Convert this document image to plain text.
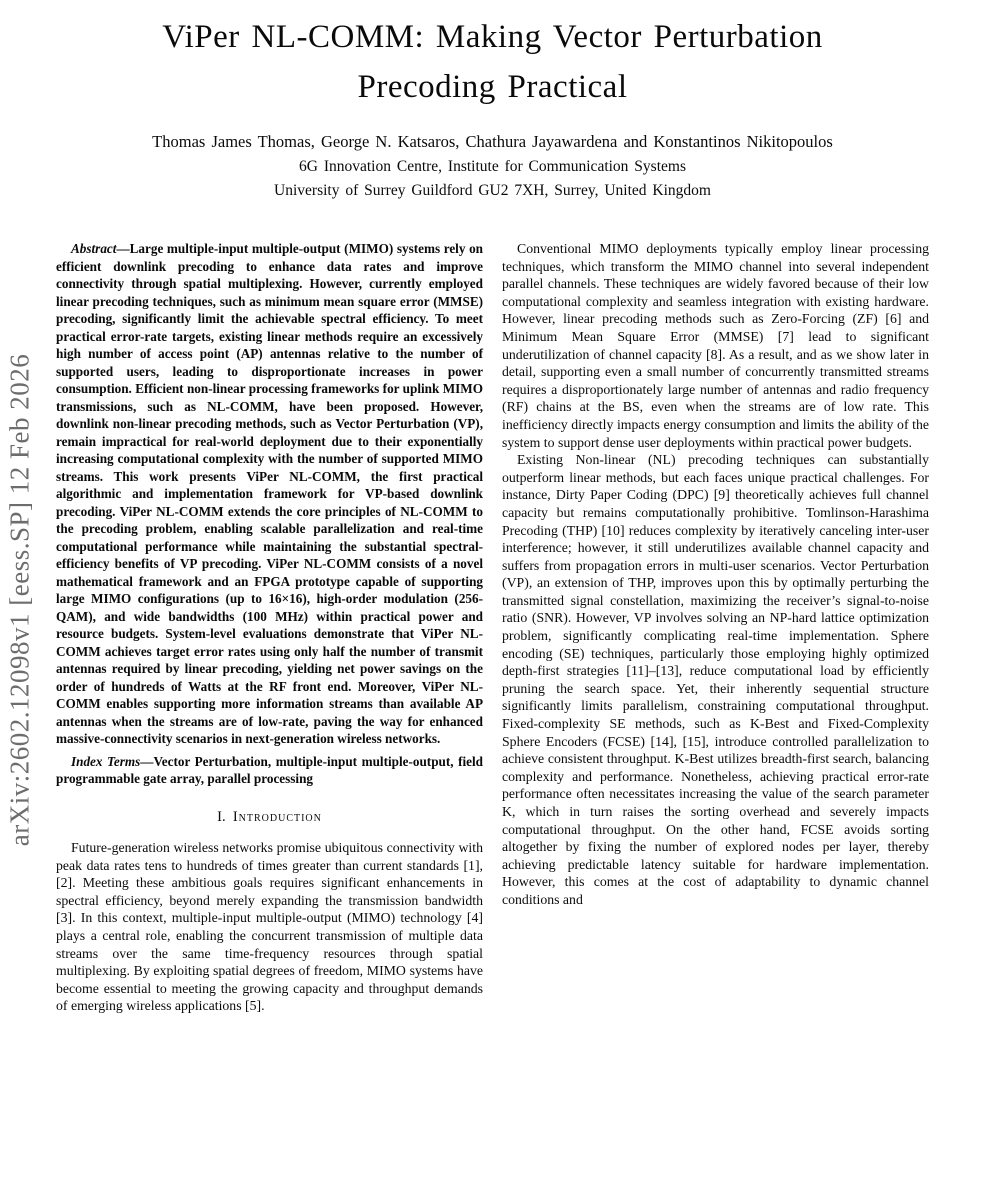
arXiv:2602.12098v1 [eess.SP] 12 Feb 2026
ViPer NL-COMM: Making Vector Perturbation
Precoding Practical
Thomas James Thomas, George N. Katsaros, Chathura Jayawardena and Konstantinos Nikitopoulos
6G Innovation Centre, Institute for Communication Systems
University of Surrey Guildford GU2 7XH, Surrey, United Kingdom

Abstract—Large multiple-input multiple-output (MIMO) systems rely on efficient downlink precoding to enhance data rates and improve connectivity through spatial multiplexing. However, currently employed linear precoding techniques, such as minimum mean square error (MMSE) precoding, significantly limit the achievable spectral efficiency. To meet practical error-rate targets, existing linear methods require an excessively high number of access point (AP) antennas relative to the number of supported users, leading to disproportionate increases in power consumption. Efficient non-linear processing frameworks for uplink MIMO transmissions, such as NL-COMM, have been proposed. However, downlink non-linear precoding methods, such as Vector Perturbation (VP), remain impractical for real-world deployment due to their exponentially increasing computational complexity with the number of supported MIMO streams. This work presents ViPer NL-COMM, the first practical algorithmic and implementation framework for VP-based downlink precoding. ViPer NL-COMM extends the core principles of NL-COMM to the precoding problem, enabling scalable parallelization and real-time computational performance while maintaining the substantial spectral-efficiency benefits of VP precoding. ViPer NL-COMM consists of a novel mathematical framework and an FPGA prototype capable of supporting large MIMO configurations (up to 16×16), high-order modulation (256-QAM), and wide bandwidths (100 MHz) within practical power and resource budgets. System-level evaluations demonstrate that ViPer NL-COMM achieves target error rates using only half the number of transmit antennas required by linear precoding, yielding net power savings on the order of hundreds of Watts at the RF front end. Moreover, ViPer NL-COMM enables supporting more information streams than available AP antennas when the streams are of low-rate, paving the way for enhanced massive-connectivity scenarios in next-generation wireless networks.

Index Terms—Vector Perturbation, multiple-input multiple-output, field programmable gate array, parallel processing

I. Introduction

Future-generation wireless networks promise ubiquitous connectivity with peak data rates tens to hundreds of times greater than current standards [1], [2]. Meeting these ambitious goals requires significant enhancements in spectral efficiency, beyond merely expanding the transmission bandwidth [3]. In this context, multiple-input multiple-output (MIMO) technology [4] plays a central role, enabling the concurrent transmission of multiple data streams over the same time-frequency resources through spatial multiplexing. By exploiting spatial degrees of freedom, MIMO systems have become essential to meeting the growing capacity and throughput demands of emerging wireless applications [5].

Conventional MIMO deployments typically employ linear processing techniques, which transform the MIMO channel into several independent parallel channels. These techniques are widely favored because of their low computational complexity and seamless integration with existing hardware. However, linear precoding methods such as Zero-Forcing (ZF) [6] and Minimum Mean Square Error (MMSE) [7] lead to significant underutilization of channel capacity [8]. As a result, and as we show later in detail, supporting even a small number of concurrently transmitted streams requires a disproportionately large number of antennas and radio frequency (RF) chains at the BS, even when the streams are of low rate. This inefficiency directly impacts energy consumption and limits the ability of the system to support dense user deployments within practical power budgets.

Existing Non-linear (NL) precoding techniques can substantially outperform linear methods, but each faces unique practical challenges. For instance, Dirty Paper Coding (DPC) [9] theoretically achieves full channel capacity but remains computationally prohibitive. Tomlinson-Harashima Precoding (THP) [10] reduces complexity by iteratively canceling inter-user interference; however, it still underutilizes available channel capacity and suffers from propagation errors in multi-user scenarios. Vector Perturbation (VP), an extension of THP, improves upon this by optimally perturbing the transmitted signal constellation, maximizing the receiver’s signal-to-noise ratio (SNR). However, VP involves solving an NP-hard lattice optimization problem, significantly complicating real-time implementation. Sphere encoding (SE) techniques, particularly those employing highly optimized depth-first strategies [11]–[13], reduce computational load by efficiently pruning the search space. Yet, their inherently sequential structure significantly limits parallelism, constraining computational throughput. Fixed-complexity SE methods, such as K-Best and Fixed-Complexity Sphere Encoders (FCSE) [14], [15], introduce controlled parallelization to achieve consistent throughput. K-Best utilizes breadth-first search, balancing complexity and performance. Nonetheless, achieving practical error-rate performance often necessitates increasing the value of the search parameter K, which in turn raises the sorting overhead and severely impacts computational throughput. On the other hand, FCSE avoids sorting altogether by fixing the number of explored nodes per layer, thereby achieving predictable latency suitable for hardware implementation. However, this comes at the cost of adaptability to dynamic channel conditions and
